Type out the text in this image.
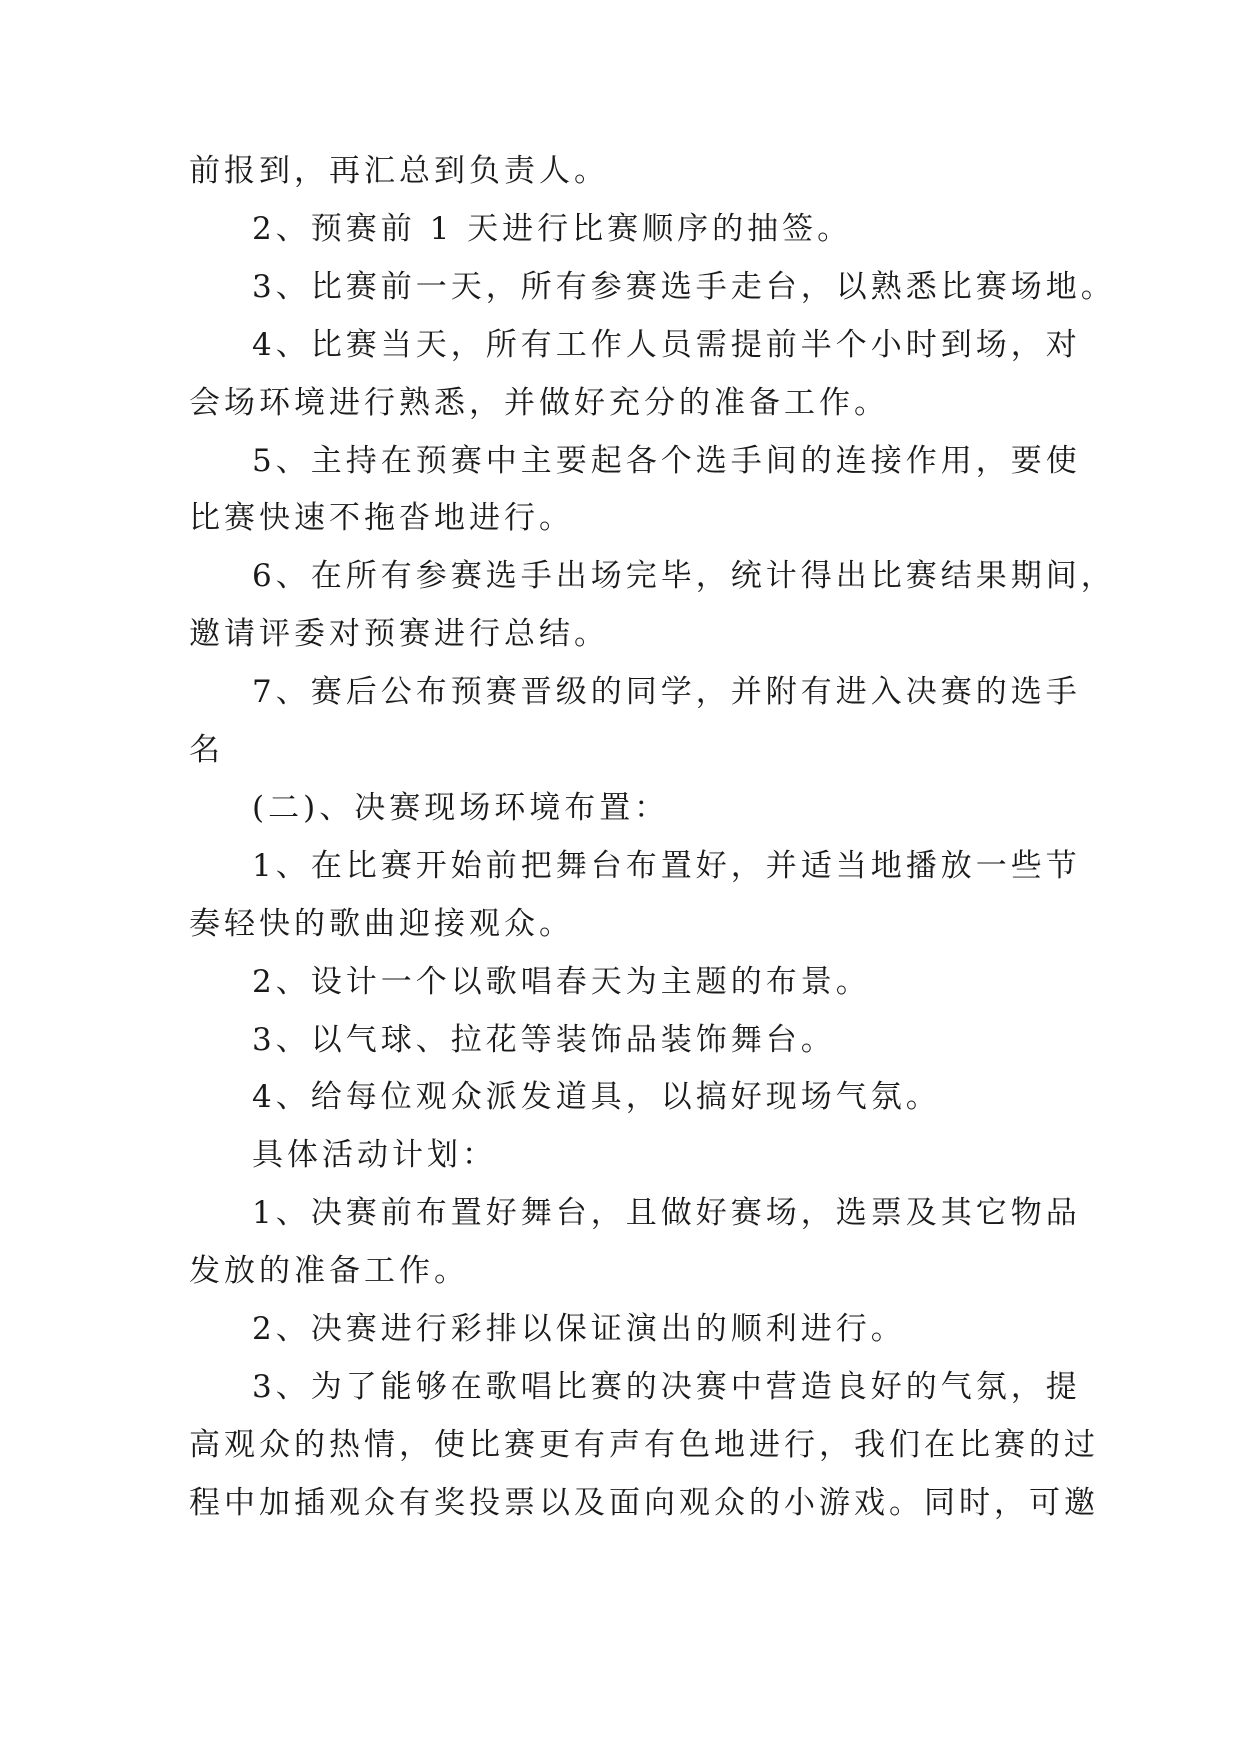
前报到，再汇总到负责人。
2、预赛前 1 天进行比赛顺序的抽签。
3、比赛前一天，所有参赛选手走台，以熟悉比赛场地。
4、比赛当天，所有工作人员需提前半个小时到场，对
会场环境进行熟悉，并做好充分的准备工作。
5、主持在预赛中主要起各个选手间的连接作用，要使
比赛快速不拖沓地进行。
6、在所有参赛选手出场完毕，统计得出比赛结果期间，
邀请评委对预赛进行总结。
7、赛后公布预赛晋级的同学，并附有进入决赛的选手
名
(二)、决赛现场环境布置：
1、在比赛开始前把舞台布置好，并适当地播放一些节
奏轻快的歌曲迎接观众。
2、设计一个以歌唱春天为主题的布景。
3、以气球、拉花等装饰品装饰舞台。
4、给每位观众派发道具，以搞好现场气氛。
具体活动计划：
1、决赛前布置好舞台，且做好赛场，选票及其它物品
发放的准备工作。
2、决赛进行彩排以保证演出的顺利进行。
3、为了能够在歌唱比赛的决赛中营造良好的气氛，提
高观众的热情，使比赛更有声有色地进行，我们在比赛的过
程中加插观众有奖投票以及面向观众的小游戏。同时，可邀
